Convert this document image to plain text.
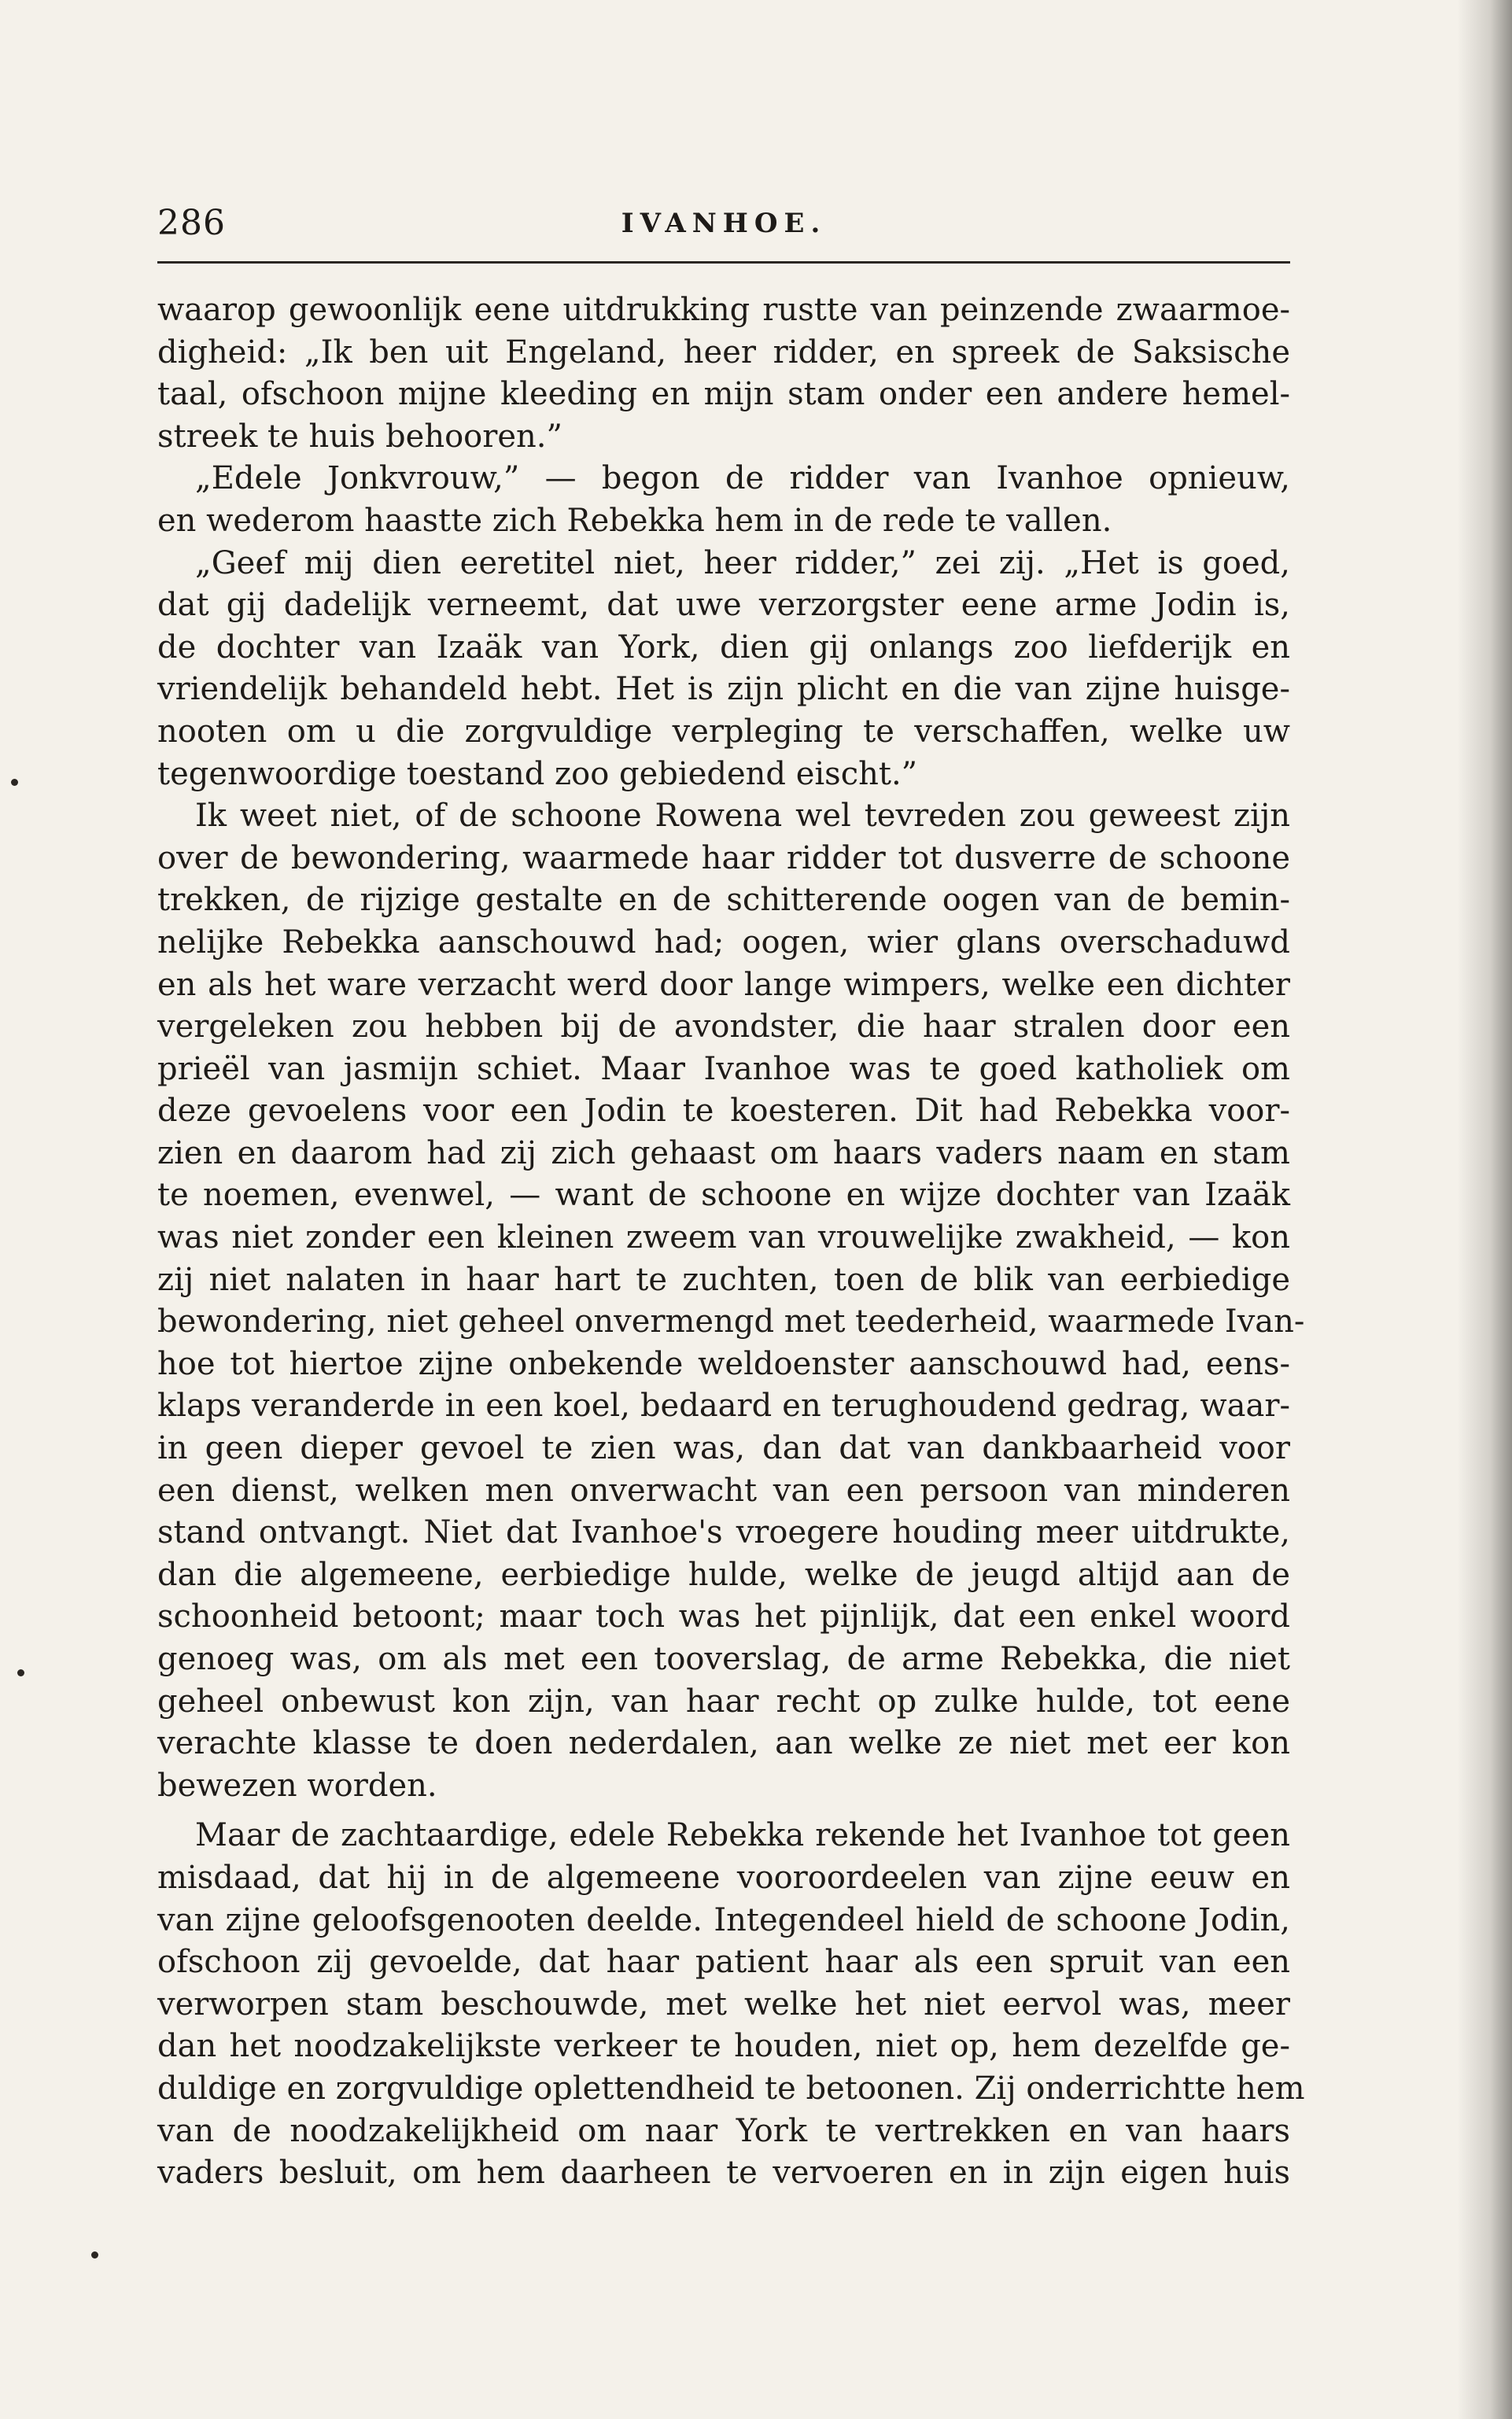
286	IVANHOE.
waarop gewoonlijk eene uitdrukking rustte van peinzende zwaarmoe-
digheid: „Ik ben uit Engeland, heer ridder, en spreek de Saksische
taal, ofschoon mijne kleeding en mijn stam onder een andere hemel-
streek te huis behooren.”
„Edele Jonkvrouw,” — begon de ridder van Ivanhoe opnieuw,
en wederom haastte zich Rebekka hem in de rede te vallen.
„Geef mij dien eeretitel niet, heer ridder,” zei zij. „Het is goed,
dat gij dadelijk verneemt, dat uwe verzorgster eene arme Jodin is,
de dochter van Izaäk van York, dien gij onlangs zoo liefderijk en
vriendelijk behandeld hebt. Het is zijn plicht en die van zijne huisge-
nooten om u die zorgvuldige verpleging te verschaffen, welke uw
tegenwoordige toestand zoo gebiedend eischt.”
Ik weet niet, of de schoone Rowena wel tevreden zou geweest zijn
over de bewondering, waarmede haar ridder tot dusverre de schoone
trekken, de rijzige gestalte en de schitterende oogen van de bemin-
nelijke Rebekka aanschouwd had; oogen, wier glans overschaduwd
en als het ware verzacht werd door lange wimpers, welke een dichter
vergeleken zou hebben bij de avondster, die haar stralen door een
prieël van jasmijn schiet. Maar Ivanhoe was te goed katholiek om
deze gevoelens voor een Jodin te koesteren. Dit had Rebekka voor-
zien en daarom had zij zich gehaast om haars vaders naam en stam
te noemen, evenwel, — want de schoone en wijze dochter van Izaäk
was niet zonder een kleinen zweem van vrouwelijke zwakheid, — kon
zij niet nalaten in haar hart te zuchten, toen de blik van eerbiedige
bewondering, niet geheel onvermengd met teederheid, waarmede Ivan-
hoe tot hiertoe zijne onbekende weldoenster aanschouwd had, eens-
klaps veranderde in een koel, bedaard en terughoudend gedrag, waar-
in geen dieper gevoel te zien was, dan dat van dankbaarheid voor
een dienst, welken men onverwacht van een persoon van minderen
stand ontvangt. Niet dat Ivanhoe's vroegere houding meer uitdrukte,
dan die algemeene, eerbiedige hulde, welke de jeugd altijd aan de
schoonheid betoont; maar toch was het pijnlijk, dat een enkel woord
genoeg was, om als met een tooverslag, de arme Rebekka, die niet
geheel onbewust kon zijn, van haar recht op zulke hulde, tot eene
verachte klasse te doen nederdalen, aan welke ze niet met eer kon
bewezen worden.
Maar de zachtaardige, edele Rebekka rekende het Ivanhoe tot geen
misdaad, dat hij in de algemeene vooroordeelen van zijne eeuw en
van zijne geloofsgenooten deelde. Integendeel hield de schoone Jodin,
ofschoon zij gevoelde, dat haar patient haar als een spruit van een
verworpen stam beschouwde, met welke het niet eervol was, meer
dan het noodzakelijkste verkeer te houden, niet op, hem dezelfde ge-
duldige en zorgvuldige oplettendheid te betoonen. Zij onderrichtte hem
van de noodzakelijkheid om naar York te vertrekken en van haars
vaders besluit, om hem daarheen te vervoeren en in zijn eigen huis
